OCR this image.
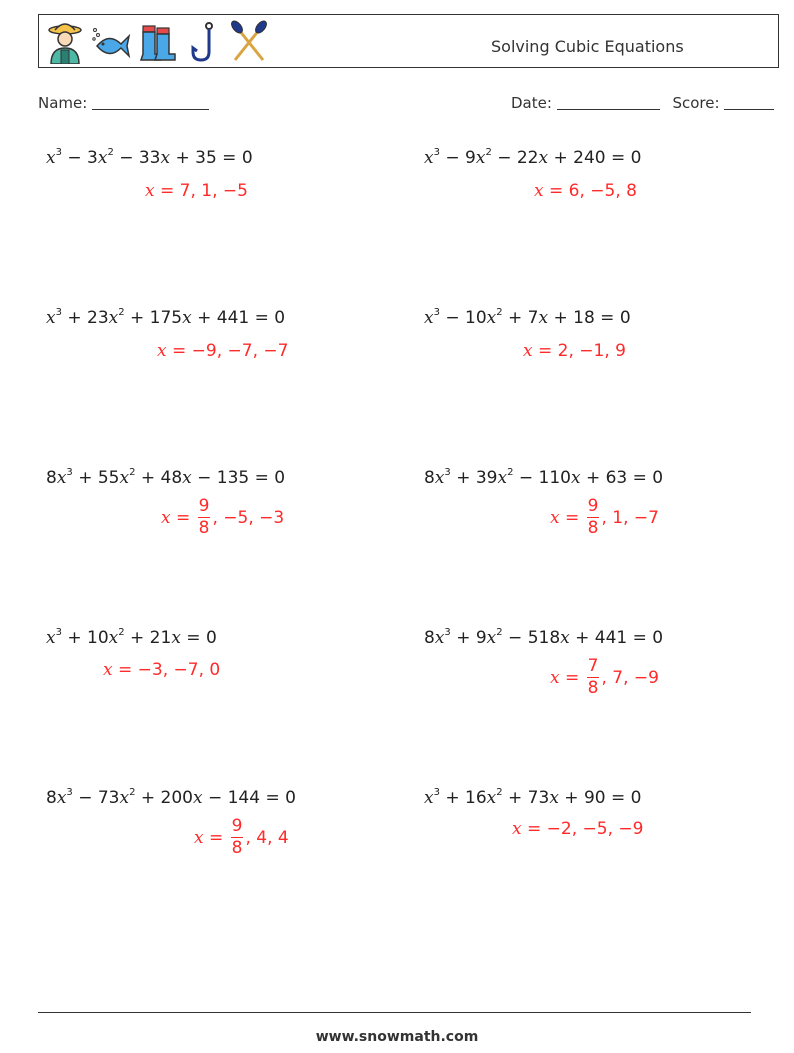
Solving Cubic Equations
Name:	Date:	Score:
$x^3 - 3x^2 - 33x + 35 = 0$
x = 7, 1, −5
$x^3 - 9x^2 - 22x + 240 = 0$
x = 6, −5, 8
$x^3 + 23x^2 + 175x + 441 = 0$
x = −9, −7, −7
$x^3 - 10x^2 + 7x + 18 = 0$
x = 2, −1, 9
$8x^3 + 55x^2 + 48x - 135 = 0$
$x = \frac{9}{8}$ , −5, −3
$8x^3 + 39x^2 - 110x + 63 = 0$
$x = \frac{9}{8}$ , 1, −7
$x^3 + 10x^2 + 21x = 0$
x = −3, −7, 0
$8x^3 + 9x^2 - 518x + 441 = 0$
$x = \frac{7}{8}$ , 7, −9
$8x^3 - 73x^2 + 200x - 144 = 0$
$x = \frac{9}{8}$ , 4, 4
$x^3 + 16x^2 + 73x + 90 = 0$
x = −2, −5, −9
www.snowmath.com
